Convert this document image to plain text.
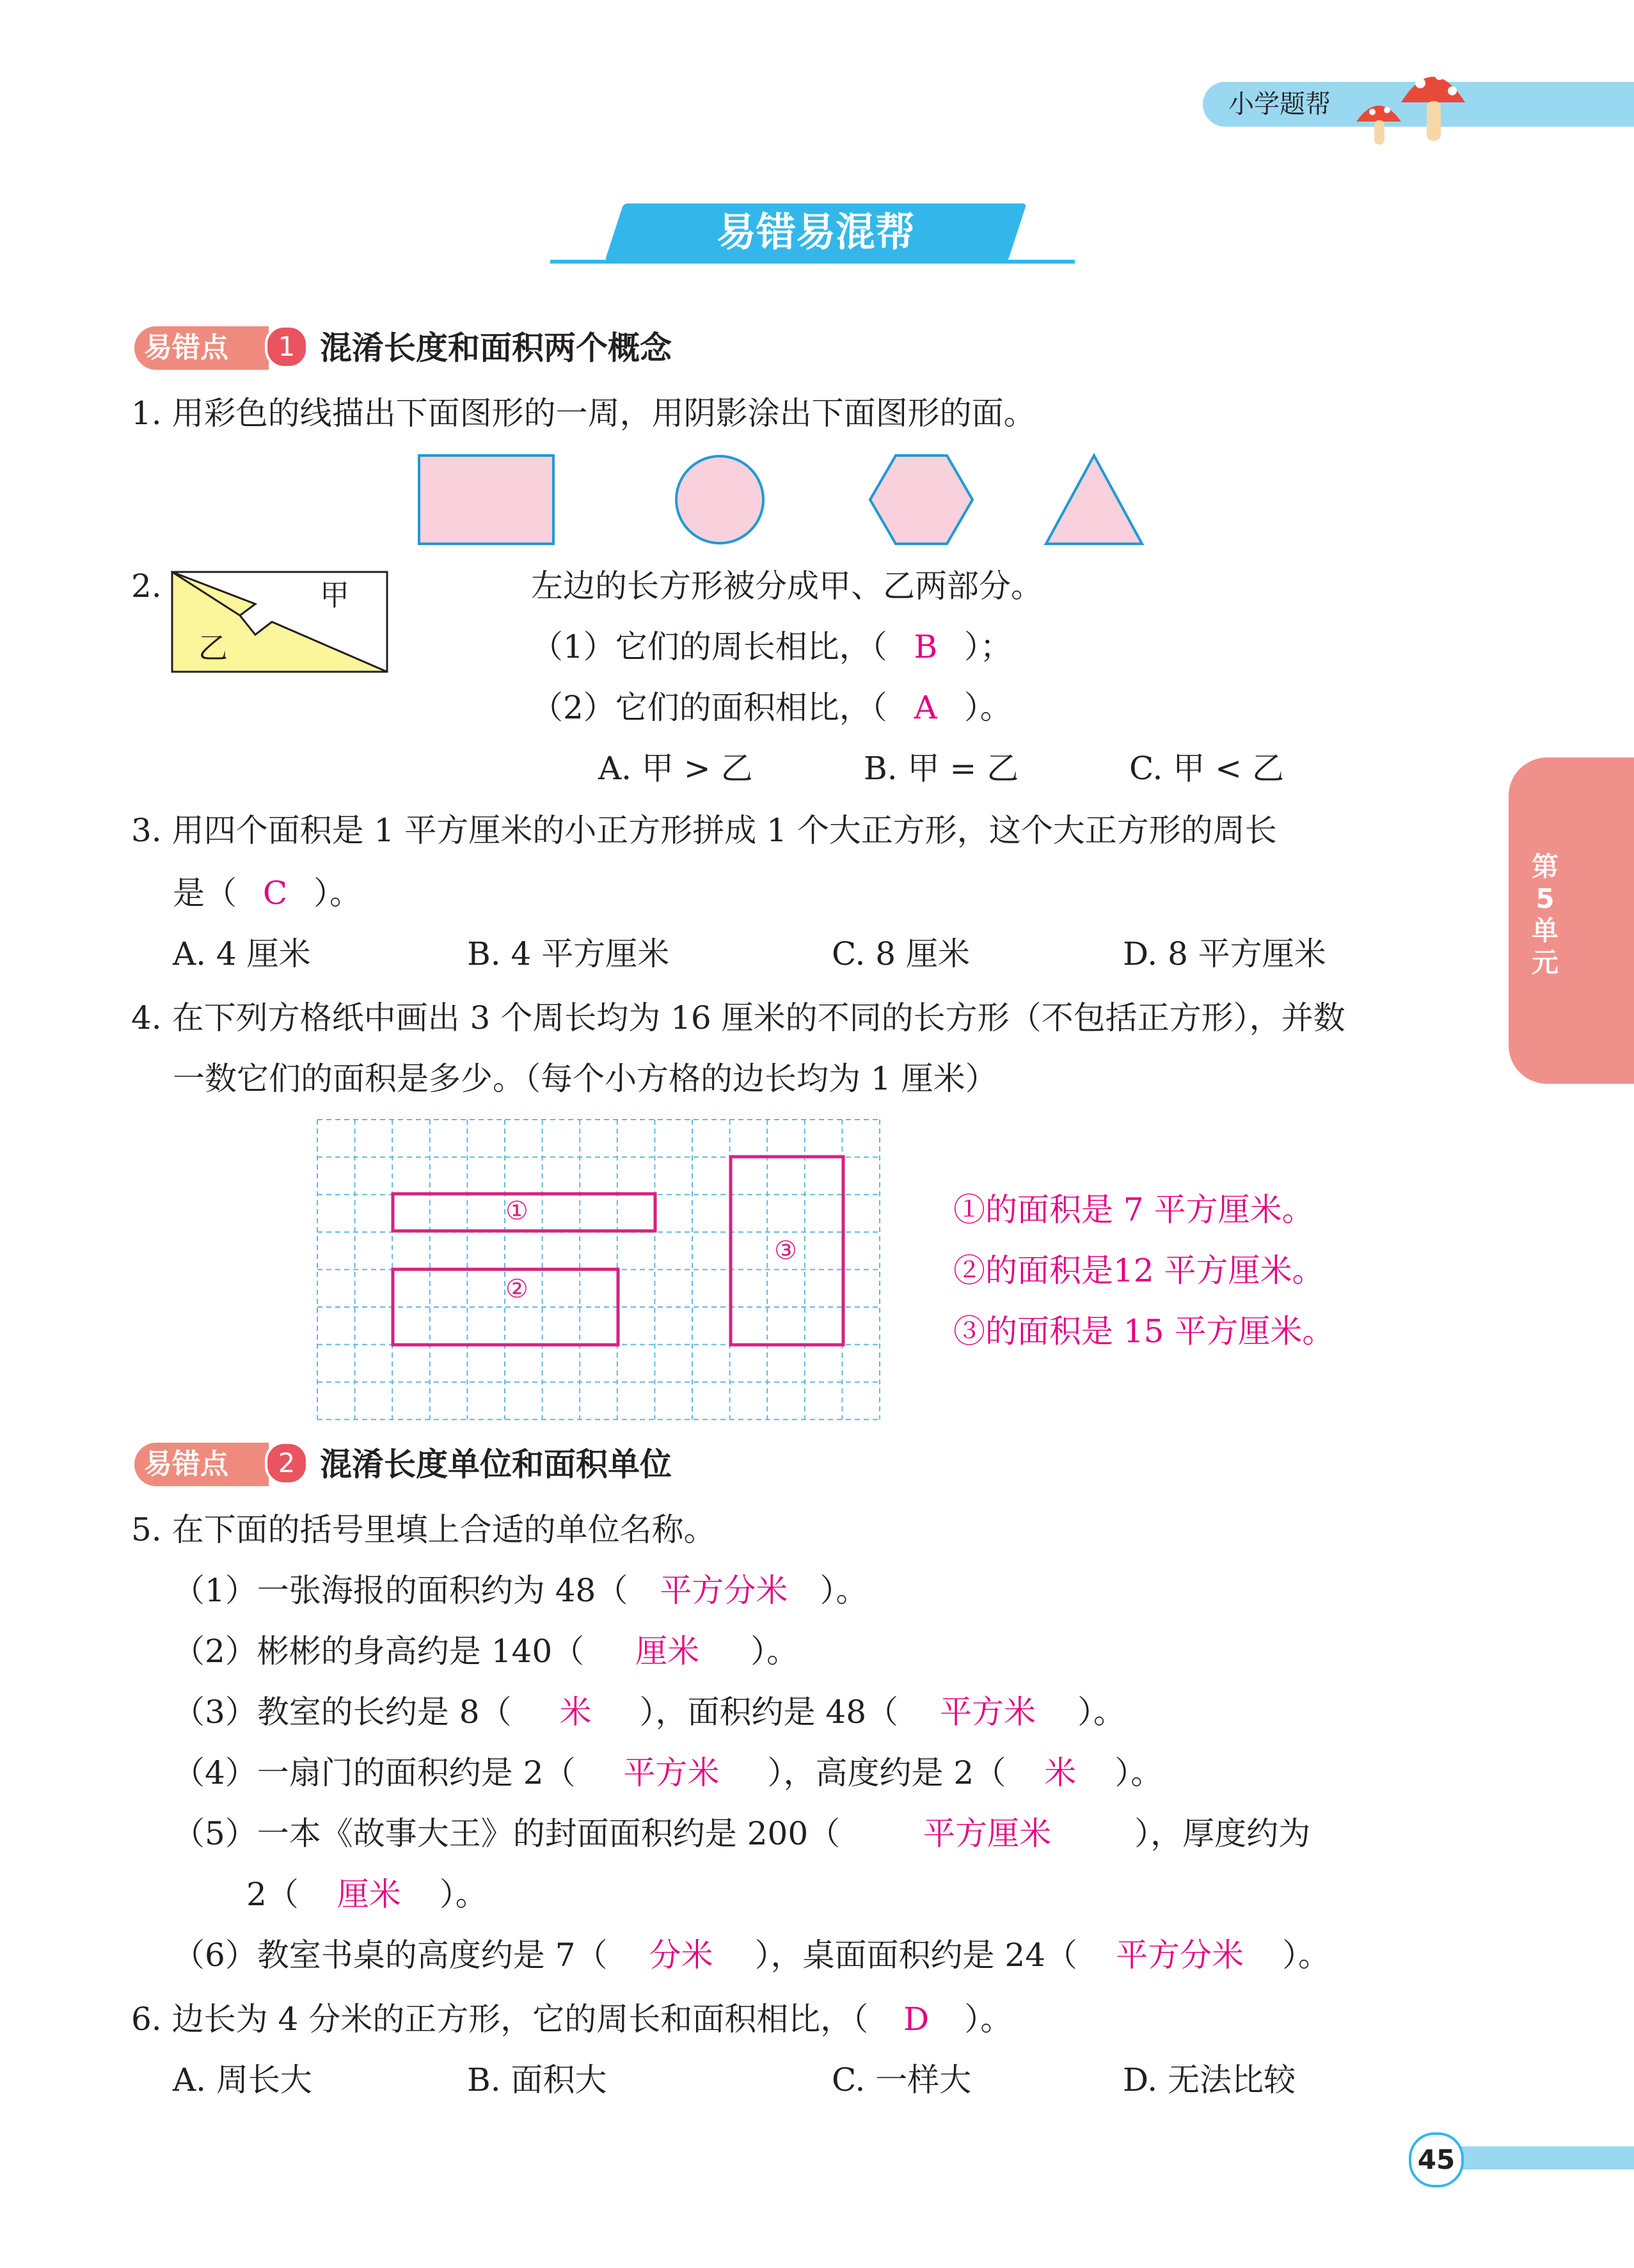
小学题帮
易错易混帮
易错点	1 混淆长度和面积两个概念
1. 用彩色的线描出下面图形的一周，用阴影涂出下面图形的面。
2.	甲
乙
左边的长方形被分成甲、乙两部分。
（1）它们的周长相比，（ B ）；
（2）它们的面积相比，（ A ）。
A. 甲 > 乙	B. 甲 = 乙	C. 甲 < 乙
第5单元
3. 用四个面积是 1 平方厘米的小正方形拼成 1 个大正方形，这个大正方形的周长
是（ C ）。
A. 4 厘米	B. 4 平方厘米	C. 8 厘米	D. 8 平方厘米
4. 在下列方格纸中画出 3 个周长均为 16 厘米的不同的长方形（不包括正方形），并数
一数它们的面积是多少。（每个小方格的边长均为 1 厘米）
①
②
③
①的面积是 7 平方厘米。
②的面积是12 平方厘米。
③的面积是 15 平方厘米。
易错点	2 混淆长度单位和面积单位
5. 在下面的括号里填上合适的单位名称。
（1）一张海报的面积约为 48（ 平方分米 ）。
（2）彬彬的身高约是 140（ 厘米 ）。
（3）教室的长约是 8（ 米 ），面积约是 48（ 平方米 ）。
（4）一扇门的面积约是 2（ 平方米 ），高度约是 2（ 米 ）。
（5）一本《故事大王》的封面面积约是 200（	平方厘米	），厚度约为
2（ 厘米 ）。
（6）教室书桌的高度约是 7（ 分米 ），桌面面积约是 24（ 平方分米 ）。
6. 边长为 4 分米的正方形，它的周长和面积相比，（ D ）。
A. 周长大	B. 面积大	C. 一样大	D. 无法比较
45
